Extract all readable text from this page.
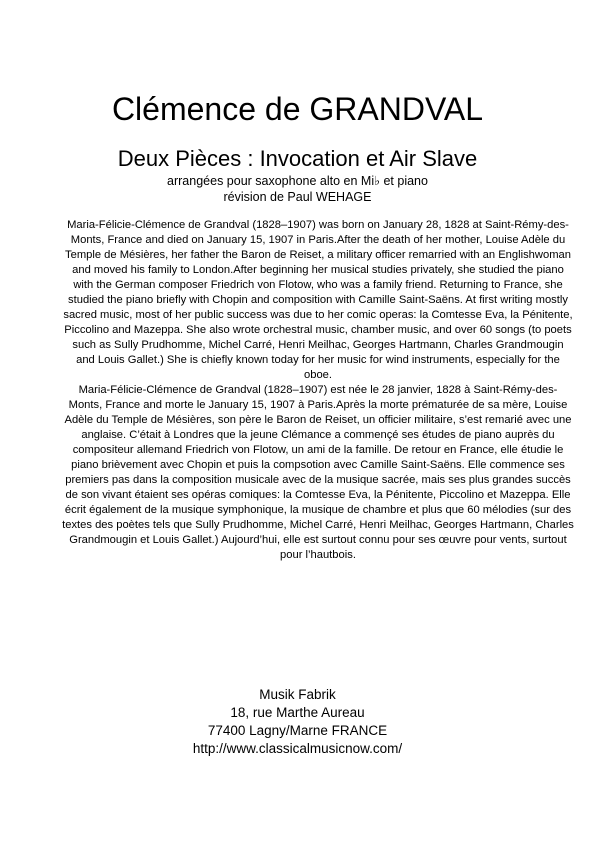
Clémence de GRANDVAL
Deux Pièces : Invocation et Air Slave
arrangées pour saxophone alto en Mi♭ et piano
révision de Paul WEHAGE

Maria-Félicie-Clémence de Grandval (1828–1907) was born on January 28, 1828 at Saint-Rémy-des-Monts, France and died on January 15, 1907 in Paris.After the death of her mother, Louise Adèle du Temple de Mésières, her father the Baron de Reiset, a military officer remarried with an Englishwoman and moved his family to London.After beginning her musical studies privately, she studied the piano with the German composer Friedrich von Flotow, who was a family friend. Returning to France, she studied the piano briefly with Chopin and composition with Camille Saint-Saëns. At first writing mostly sacred music, most of her public success was due to her comic operas: la Comtesse Eva, la Pénitente, Piccolino and Mazeppa. She also wrote orchestral music, chamber music, and over 60 songs (to poets such as Sully Prudhomme, Michel Carré, Henri Meilhac, Georges Hartmann, Charles Grandmougin and Louis Gallet.) She is chiefly known today for her music for wind instruments, especially for the oboe.

Maria-Félicie-Clémence de Grandval (1828–1907) est née le 28 janvier, 1828 à Saint-Rémy-des-Monts, France and morte le January 15, 1907 à Paris.Après la morte prématurée de sa mère, Louise Adèle du Temple de Mésières, son père le Baron de Reiset, un officier militaire, s’est remarié avec une anglaise. C’était à Londres que la jeune Clémance a commençé ses études de piano auprès du compositeur allemand Friedrich von Flotow, un ami de la famille. De retour en France, elle étudie le piano brièvement avec Chopin et puis la compsotion avec Camille Saint-Saëns. Elle commence ses premiers pas dans la composition musicale avec de la musique sacrée, mais ses plus grandes succès de son vivant étaient ses opéras comiques: la Comtesse Eva, la Pénitente, Piccolino et Mazeppa. Elle écrit également de la musique symphonique, la musique de chambre et plus que 60 mélodies (sur des textes des poètes tels que Sully Prudhomme, Michel Carré, Henri Meilhac, Georges Hartmann, Charles Grandmougin et Louis Gallet.) Aujourd’hui, elle est surtout connu pour ses œuvre pour vents, surtout pour l’hautbois.

Musik Fabrik
18, rue Marthe Aureau
77400 Lagny/Marne FRANCE
http://www.classicalmusicnow.com/
